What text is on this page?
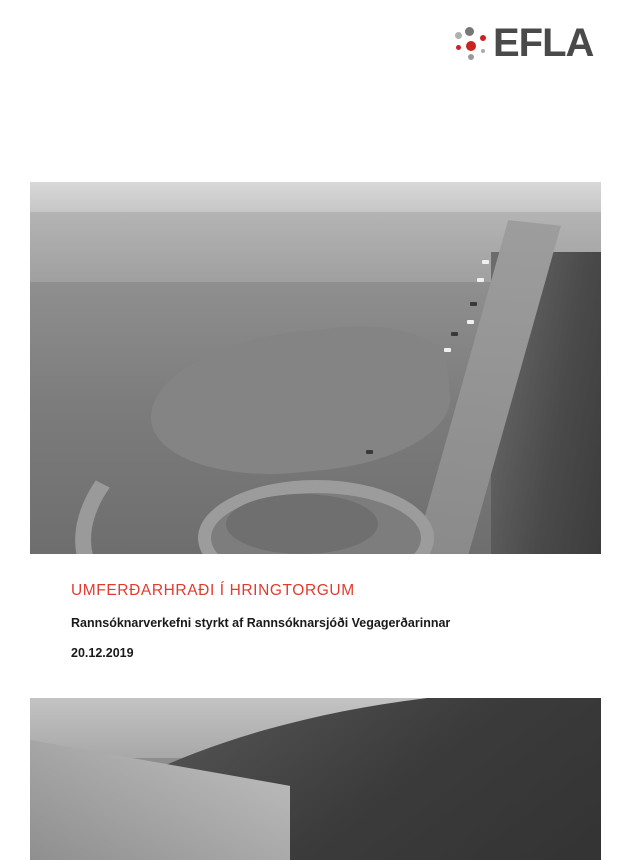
EFLA
UMFERÐARHRAÐI Í HRINGTORGUM

Rannsóknarverkefni styrkt af Rannsóknarsjóði Vegagerðarinnar

20.12.2019
